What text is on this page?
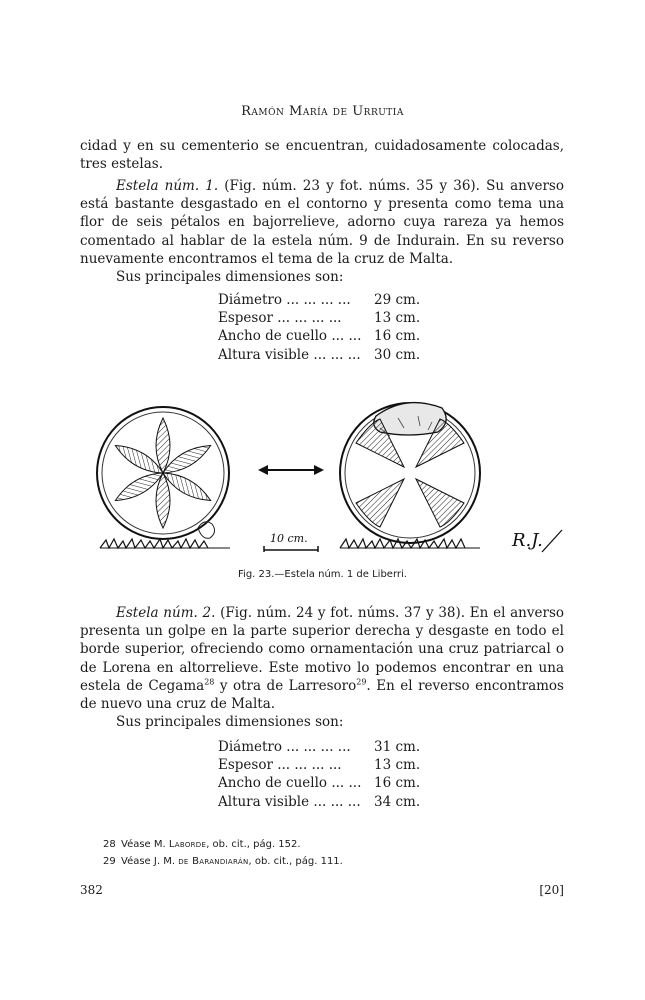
Ramón María de Urrutia

cidad y en su cementerio se encuentran, cuidadosamente colocadas, tres estelas.

Estela núm. 1. (Fig. núm. 23 y fot. núms. 35 y 36). Su anverso está bastante desgastado en el contorno y presenta como tema una flor de seis pétalos en bajorrelieve, adorno cuya rareza ya hemos comentado al hablar de la estela núm. 9 de Indurain. En su reverso nuevamente encontramos el tema de la cruz de Malta.

Sus principales dimensiones son:

Diámetro ... ... ... ...	29 cm.
Espesor ... ... ... ...	13 cm.
Ancho de cuello ... ... 16 cm.
Altura visible ... ... ... 30 cm.
10 cm.	R.J.
Fig. 23.—Estela núm. 1 de Liberri.

Estela núm. 2. (Fig. núm. 24 y fot. núms. 37 y 38). En el anverso presenta un golpe en la parte superior derecha y desgaste en todo el borde superior, ofreciendo como ornamentación una cruz patriarcal o de Lorena en altorrelieve. Este motivo lo podemos encontrar en una estela de Cegama$^{28}$ y otra de Larresoro$^{29}$. En el reverso encontramos de nuevo una cruz de Malta.

Sus principales dimensiones son:

Diámetro ... ... ... ...	31 cm.
Espesor ... ... ... ...	13 cm.
Ancho de cuello ... ... 16 cm.
Altura visible ... ... ... 34 cm.
28 Véase M. Laborde, ob. cit., pág. 152.
29 Véase J. M. de Barandiarán, ob. cit., pág. 111.
382	[20]
